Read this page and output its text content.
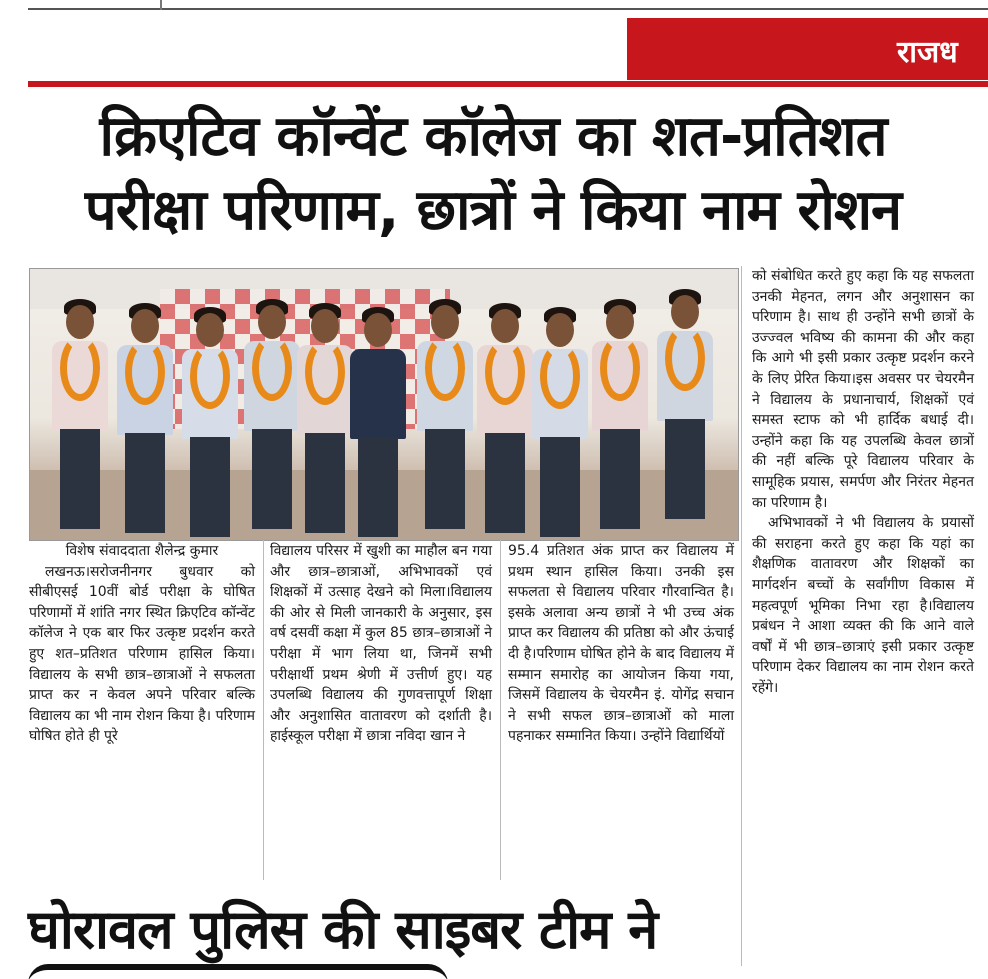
राजध
क्रिएटिव कॉन्वेंट कॉलेज का शत-प्रतिशत
परीक्षा परिणाम, छात्रों ने किया नाम रोशन

विशेष संवाददाता शैलेन्द्र कुमार

लखनऊ।सरोजनीनगर बुधवार को सीबीएसई 10वीं बोर्ड परीक्षा के घोषित परिणामों में शांति नगर स्थित क्रिएटिव कॉन्वेंट कॉलेज ने एक बार फिर उत्कृष्ट प्रदर्शन करते हुए शत–प्रतिशत परिणाम हासिल किया। विद्यालय के सभी छात्र–छात्राओं ने सफलता प्राप्त कर न केवल अपने परिवार बल्कि विद्यालय का भी नाम रोशन किया है। परिणाम घोषित होते ही पूरे

विद्यालय परिसर में खुशी का माहौल बन गया और छात्र–छात्राओं, अभिभावकों एवं शिक्षकों में उत्साह देखने को मिला।विद्यालय की ओर से मिली जानकारी के अनुसार, इस वर्ष दसवीं कक्षा में कुल 85 छात्र–छात्राओं ने परीक्षा में भाग लिया था, जिनमें सभी परीक्षार्थी प्रथम श्रेणी में उत्तीर्ण हुए। यह उपलब्धि विद्यालय की गुणवत्तापूर्ण शिक्षा और अनुशासित वातावरण को दर्शाती है।हाईस्कूल परीक्षा में छात्रा नविदा खान ने

95.4 प्रतिशत अंक प्राप्त कर विद्यालय में प्रथम स्थान हासिल किया। उनकी इस सफलता से विद्यालय परिवार गौरवान्वित है। इसके अलावा अन्य छात्रों ने भी उच्च अंक प्राप्त कर विद्यालय की प्रतिष्ठा को और ऊंचाई दी है।परिणाम घोषित होने के बाद विद्यालय में सम्मान समारोह का आयोजन किया गया, जिसमें विद्यालय के चेयरमैन इं. योगेंद्र सचान ने सभी सफल छात्र–छात्राओं को माला पहनाकर सम्मानित किया। उन्होंने विद्यार्थियों

को संबोधित करते हुए कहा कि यह सफलता उनकी मेहनत, लगन और अनुशासन का परिणाम है। साथ ही उन्होंने सभी छात्रों के उज्ज्वल भविष्य की कामना की और कहा कि आगे भी इसी प्रकार उत्कृष्ट प्रदर्शन करने के लिए प्रेरित किया।इस अवसर पर चेयरमैन ने विद्यालय के प्रधानाचार्य, शिक्षकों एवं समस्त स्टाफ को भी हार्दिक बधाई दी। उन्होंने कहा कि यह उपलब्धि केवल छात्रों की नहीं बल्कि पूरे विद्यालय परिवार के सामूहिक प्रयास, समर्पण और निरंतर मेहनत का परिणाम है।

अभिभावकों ने भी विद्यालय के प्रयासों की सराहना करते हुए कहा कि यहां का शैक्षणिक वातावरण और शिक्षकों का मार्गदर्शन बच्चों के सर्वांगीण विकास में महत्वपूर्ण भूमिका निभा रहा है।विद्यालय प्रबंधन ने आशा व्यक्त की कि आने वाले वर्षों में भी छात्र–छात्राएं इसी प्रकार उत्कृष्ट परिणाम देकर विद्यालय का नाम रोशन करते रहेंगे।

घोरावल पुलिस की साइबर टीम ने
